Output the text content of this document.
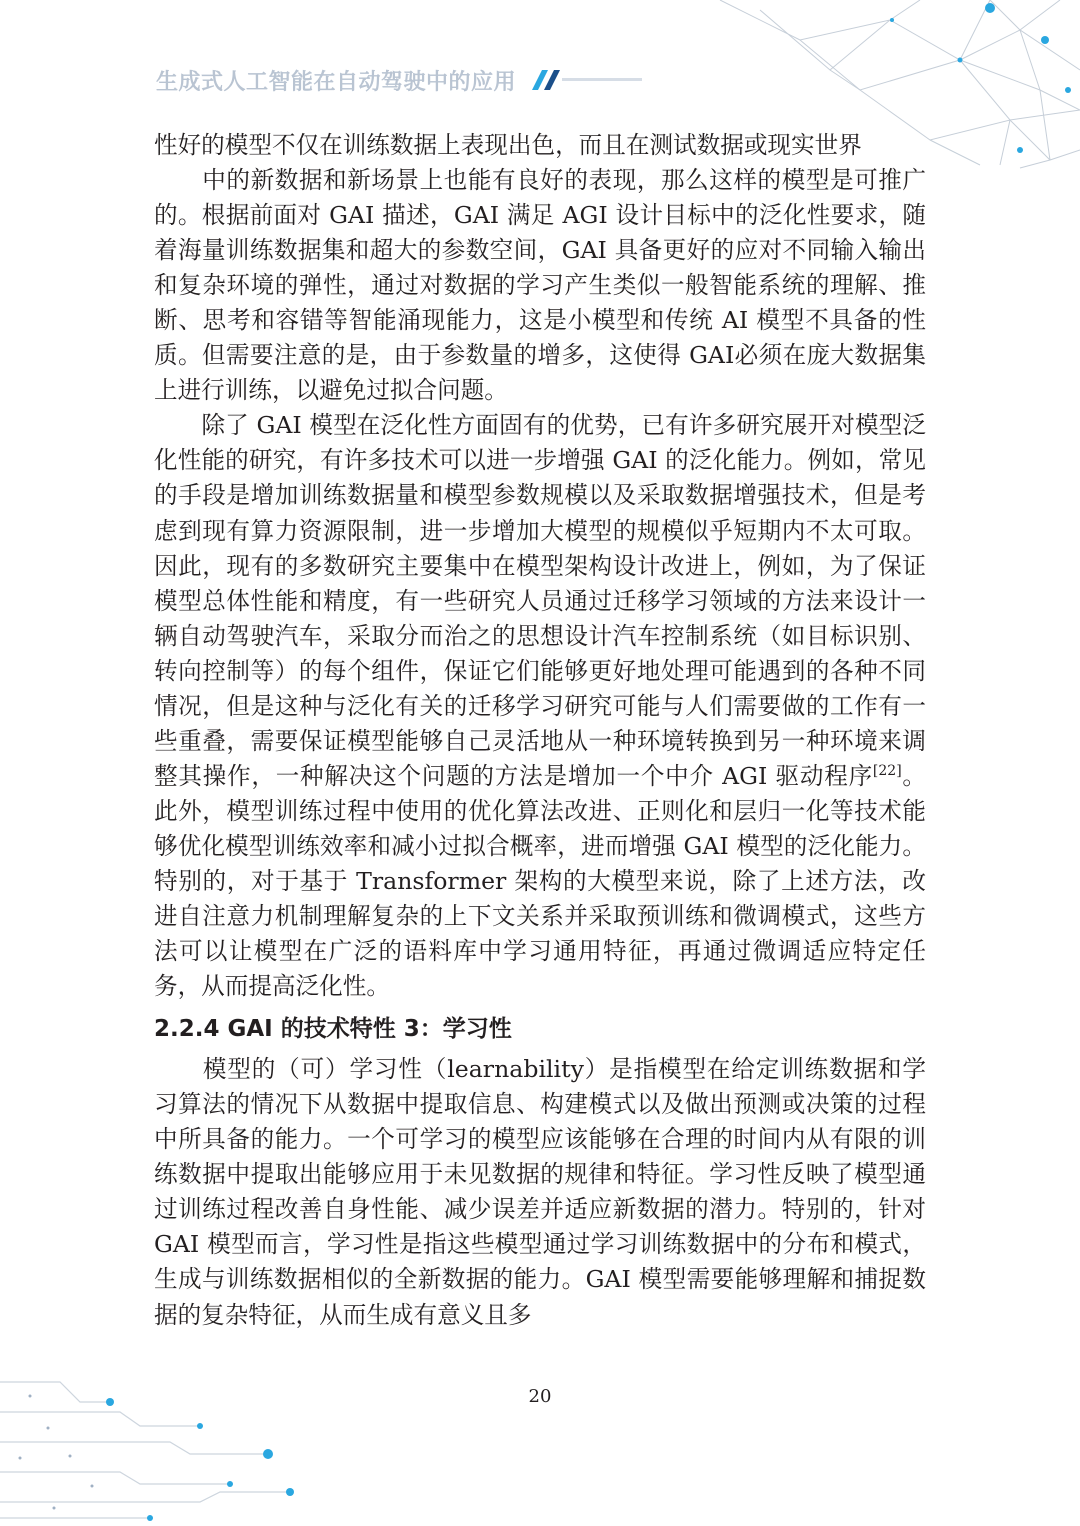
生成式人工智能在自动驾驶中的应用

性好的模型不仅在训练数据上表现出色，而且在测试数据或现实世界
　　中的新数据和新场景上也能有良好的表现，那么这样的模型是可推广的。根据前面对 GAI 描述，GAI 满足 AGI 设计目标中的泛化性要求，随着海量训练数据集和超大的参数空间，GAI 具备更好的应对不同输入输出和复杂环境的弹性，通过对数据的学习产生类似一般智能系统的理解、推断、思考和容错等智能涌现能力，这是小模型和传统 AI 模型不具备的性质。但需要注意的是，由于参数量的增多，这使得 GAI必须在庞大数据集上进行训练，以避免过拟合问题。

　　除了 GAI 模型在泛化性方面固有的优势，已有许多研究展开对模型泛化性能的研究，有许多技术可以进一步增强 GAI 的泛化能力。例如，常见的手段是增加训练数据量和模型参数规模以及采取数据增强技术，但是考虑到现有算力资源限制，进一步增加大模型的规模似乎短期内不太可取。因此，现有的多数研究主要集中在模型架构设计改进上，例如，为了保证模型总体性能和精度，有一些研究人员通过迁移学习领域的方法来设计一辆自动驾驶汽车，采取分而治之的思想设计汽车控制系统（如目标识别、转向控制等）的每个组件，保证它们能够更好地处理可能遇到的各种不同情况，但是这种与泛化有关的迁移学习研究可能与人们需要做的工作有一些重叠，需要保证模型能够自己灵活地从一种环境转换到另一种环境来调整其操作，一种解决这个问题的方法是增加一个中介 AGI 驱动程序[22]。此外，模型训练过程中使用的优化算法改进、正则化和层归一化等技术能够优化模型训练效率和减小过拟合概率，进而增强 GAI 模型的泛化能力。特别的，对于基于 Transformer 架构的大模型来说，除了上述方法，改进自注意力机制理解复杂的上下文关系并采取预训练和微调模式，这些方法可以让模型在广泛的语料库中学习通用特征，再通过微调适应特定任务，从而提高泛化性。

2.2.4 GAI 的技术特性 3：学习性

　　模型的（可）学习性（learnability）是指模型在给定训练数据和学习算法的情况下从数据中提取信息、构建模式以及做出预测或决策的过程中所具备的能力。一个可学习的模型应该能够在合理的时间内从有限的训练数据中提取出能够应用于未见数据的规律和特征。学习性反映了模型通过训练过程改善自身性能、减少误差并适应新数据的潜力。特别的，针对 GAI 模型而言，学习性是指这些模型通过学习训练数据中的分布和模式，生成与训练数据相似的全新数据的能力。GAI 模型需要能够理解和捕捉数据的复杂特征，从而生成有意义且多

20
